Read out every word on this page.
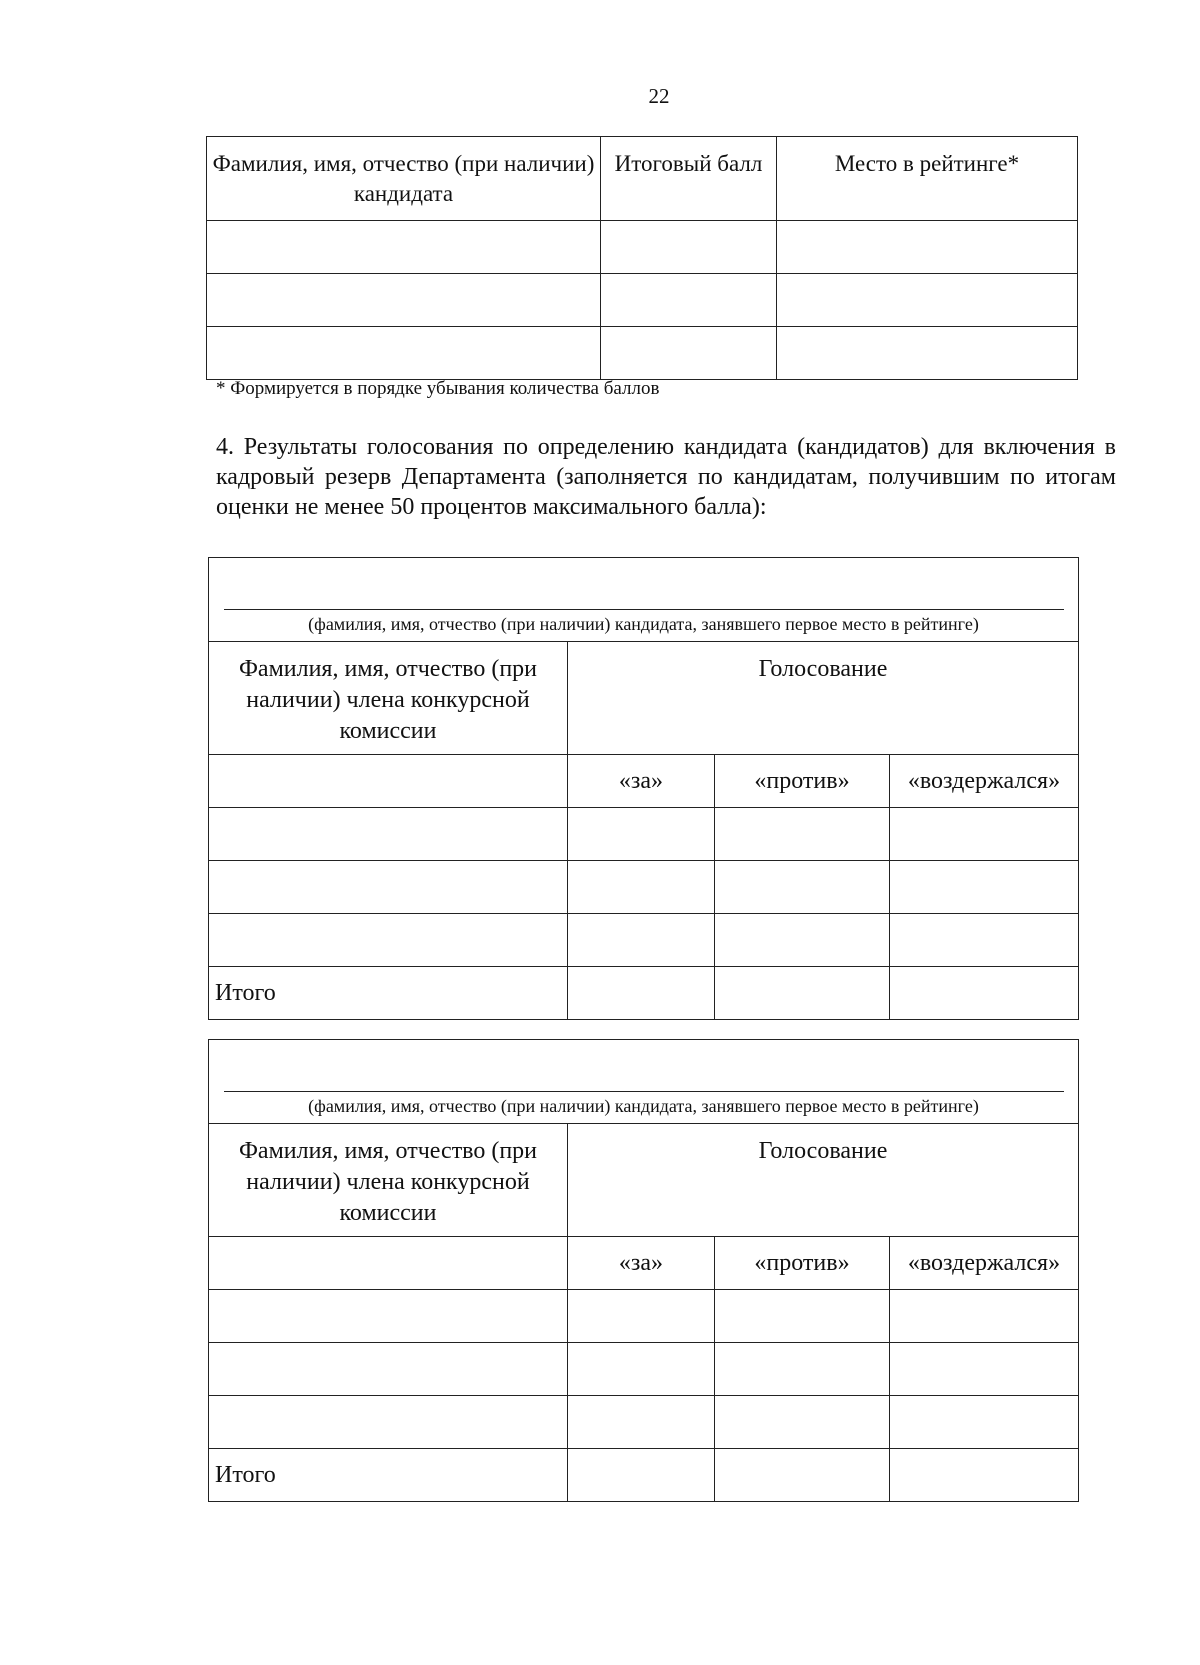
22
Фамилия, имя, отчество (при наличии) кандидата	Итоговый балл	Место в рейтинге*

* Формируется в порядке убывания количества баллов
4. Результаты голосования по определению кандидата (кандидатов) для включения в кадровый резерв Департамента (заполняется по кандидатам, получившим по итогам оценки не менее 50 процентов максимального балла):
(фамилия, имя, отчество (при наличии) кандидата, занявшего первое место в рейтинге)			

Фамилия, имя, отчество (при наличии) члена конкурсной комиссии	Голосование		
	«за»	«против»	«воздержался»

Итого			
(фамилия, имя, отчество (при наличии) кандидата, занявшего первое место в рейтинге)			

Фамилия, имя, отчество (при наличии) члена конкурсной комиссии	Голосование		
	«за»	«против»	«воздержался»

Итого			
